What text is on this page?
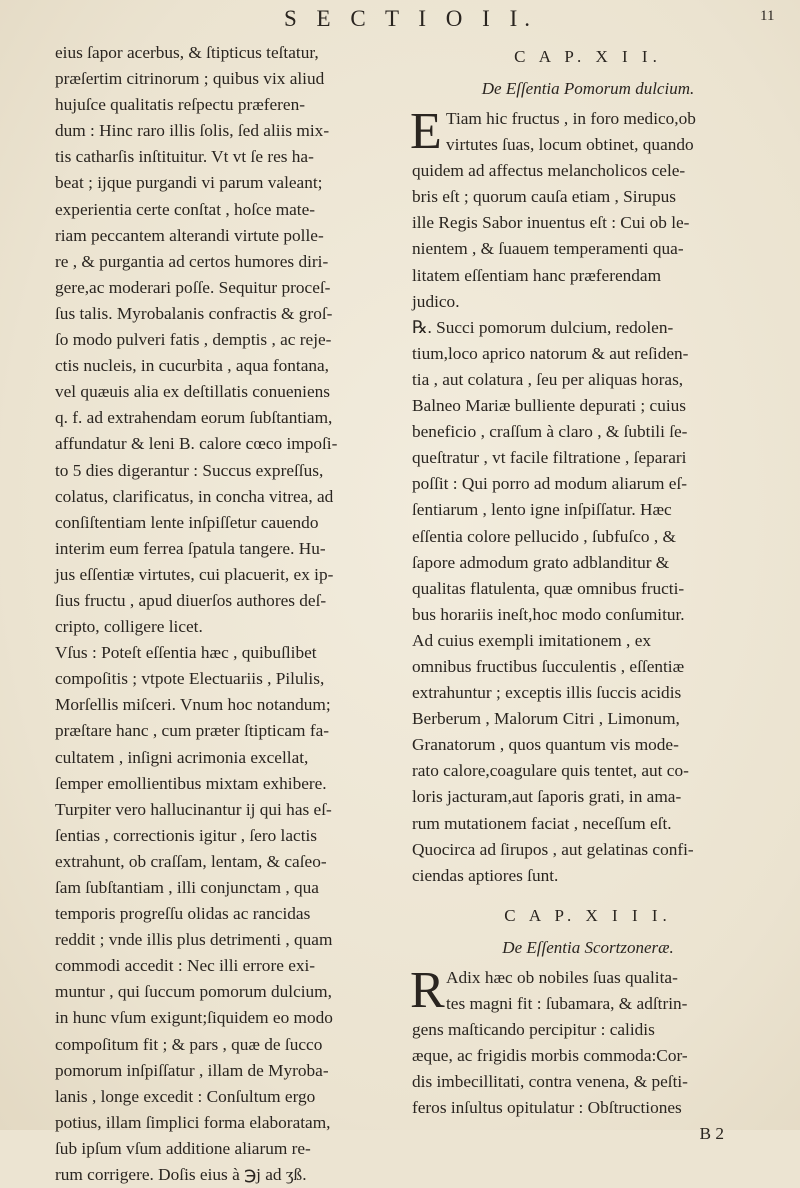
S E C T I O I I.	11
eius ſapor acerbus, & ſtipticus teſtatur,
præſertim citrinorum ; quibus vix aliud
hujuſce qualitatis reſpectu præferen-
dum : Hinc raro illis ſolis, ſed aliis mix-
tis catharſis inſtituitur. Vt vt ſe res ha-
beat ; ijque purgandi vi parum valeant;
experientia certe conſtat , hoſce mate-
riam peccantem alterandi virtute polle-
re , & purgantia ad certos humores diri-
gere,ac moderari poſſe. Sequitur proceſ-
ſus talis. Myrobalanis confractis & groſ-
ſo modo pulveri fatis , demptis , ac reje-
ctis nucleis, in cucurbita , aqua fontana,
vel quæuis alia ex deſtillatis conueniens
q. f. ad extrahendam eorum ſubſtantiam,
affundatur & leni B. calore cœco impoſi-
to 5 dies digerantur : Succus expreſſus,
colatus, clarificatus, in concha vitrea, ad
conſiſtentiam lente inſpiſſetur cauendo
interim eum ferrea ſpatula tangere. Hu-
jus eſſentiæ virtutes, cui placuerit, ex ip-
ſius fructu , apud diuerſos authores deſ-
cripto, colligere licet.
Vſus : Poteſt eſſentia hæc , quibuſlibet
compoſitis ; vtpote Electuariis , Pilulis,
Morſellis miſceri. Vnum hoc notandum;
præſtare hanc , cum præter ſtipticam fa-
cultatem , inſigni acrimonia excellat,
ſemper emollientibus mixtam exhibere.
Turpiter vero hallucinantur ij qui has eſ-
ſentias , correctionis igitur , ſero lactis
extrahunt, ob craſſam, lentam, & caſeo-
ſam ſubſtantiam , illi conjunctam , qua
temporis progreſſu olidas ac rancidas
reddit ; vnde illis plus detrimenti , quam
commodi accedit : Nec illi errore exi-
muntur , qui ſuccum pomorum dulcium,
in hunc vſum exigunt;ſiquidem eo modo
compoſitum fit ; & pars , quæ de ſucco
pomorum inſpiſſatur , illam de Myroba-
lanis , longe excedit : Conſultum ergo
potius, illam ſimplici forma elaboratam,
ſub ipſum vſum additione aliarum re-
rum corrigere. Doſis eius à ℈j ad ʒß.
C A P. X I I.
De Eſſentia Pomorum dulcium.
E Tiam hic fructus , in foro medico,ob
virtutes ſuas, locum obtinet, quando
quidem ad affectus melancholicos cele-
bris eſt ; quorum cauſa etiam , Sirupus
ille Regis Sabor inuentus eſt : Cui ob le-
nientem , & ſuauem temperamenti qua-
litatem eſſentiam hanc præferendam
judico.
℞. Succi pomorum dulcium, redolen-
tium,loco aprico natorum & aut reſiden-
tia , aut colatura , ſeu per aliquas horas,
Balneo Mariæ bulliente depurati ; cuius
beneficio , craſſum à claro , & ſubtili ſe-
queſtratur , vt facile filtratione , ſeparari
poſſit : Qui porro ad modum aliarum eſ-
ſentiarum , lento igne inſpiſſatur. Hæc
eſſentia colore pellucido , ſubfuſco , &
ſapore admodum grato adblanditur &
qualitas flatulenta, quæ omnibus fructi-
bus horariis ineſt,hoc modo conſumitur.
Ad cuius exempli imitationem , ex
omnibus fructibus ſucculentis , eſſentiæ
extrahuntur ; exceptis illis ſuccis acidis
Berberum , Malorum Citri , Limonum,
Granatorum , quos quantum vis mode-
rato calore,coagulare quis tentet, aut co-
loris jacturam,aut ſaporis grati, in ama-
rum mutationem faciat , neceſſum eſt.
Quocirca ad ſirupos , aut gelatinas confi-
ciendas aptiores ſunt.
C A P. X I I I.
De Eſſentia Scortzoneræ.
R Adix hæc ob nobiles ſuas qualita-
tes magni fit : ſubamara, & adſtrin-
gens maſticando percipitur : calidis
æque, ac frigidis morbis commoda:Cor-
dis imbecillitati, contra venena, & peſti-
feros inſultus opitulatur : Obſtructiones
B 2
